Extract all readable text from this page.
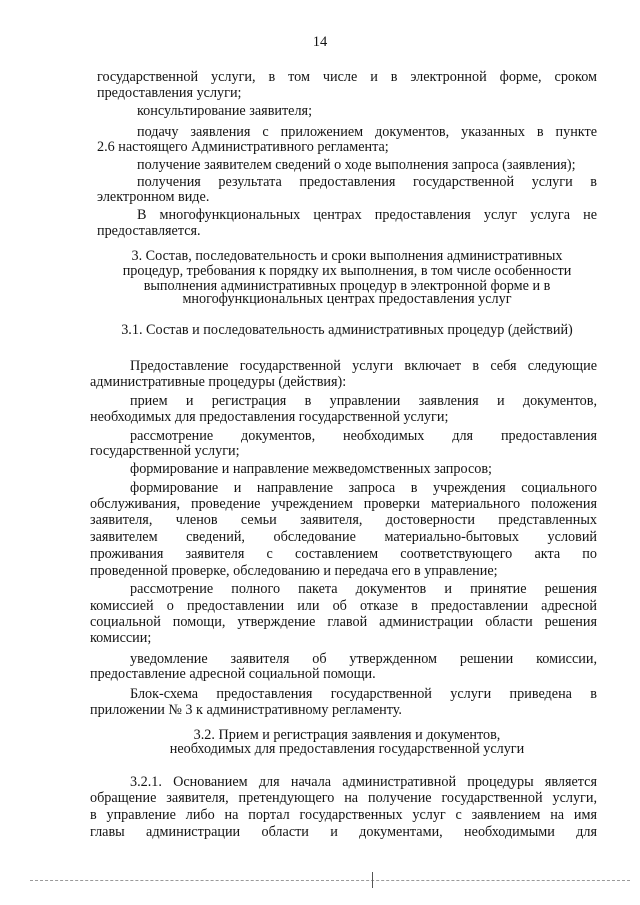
14
государственной услуги, в том числе и в электронной форме, сроком
предоставления услуги;
консультирование заявителя;
подачу заявления с приложением документов, указанных в пункте
2.6 настоящего Административного регламента;
получение заявителем сведений о ходе выполнения запроса (заявления);
получения результата предоставления государственной услуги в
электронном виде.
В многофункциональных центрах предоставления услуг услуга не
предоставляется.
3. Состав, последовательность и сроки выполнения административных
процедур, требования к порядку их выполнения, в том числе особенности
выполнения административных процедур в электронной форме и в
многофункциональных центрах предоставления услуг
3.1. Состав и последовательность административных процедур (действий)
Предоставление государственной услуги включает в себя следующие
административные процедуры (действия):
прием и регистрация в управлении заявления и документов,
необходимых для предоставления государственной услуги;
рассмотрение документов, необходимых для предоставления
государственной услуги;
формирование и направление межведомственных запросов;
формирование и направление запроса в учреждения социального
обслуживания, проведение учреждением проверки материального положения
заявителя, членов семьи заявителя, достоверности представленных
заявителем сведений, обследование материально-бытовых условий
проживания заявителя с составлением соответствующего акта по
проведенной проверке, обследованию и передача его в управление;
рассмотрение полного пакета документов и принятие решения
комиссией о предоставлении или об отказе в предоставлении адресной
социальной помощи, утверждение главой администрации области решения
комиссии;
уведомление заявителя об утвержденном решении комиссии,
предоставление адресной социальной помощи.
Блок-схема предоставления государственной услуги приведена в
приложении № 3 к административному регламенту.
3.2. Прием и регистрация заявления и документов,
необходимых для предоставления государственной услуги
3.2.1. Основанием для начала административной процедуры является
обращение заявителя, претендующего на получение государственной услуги,
в управление либо на портал государственных услуг с заявлением на имя
главы администрации области и документами, необходимыми для
